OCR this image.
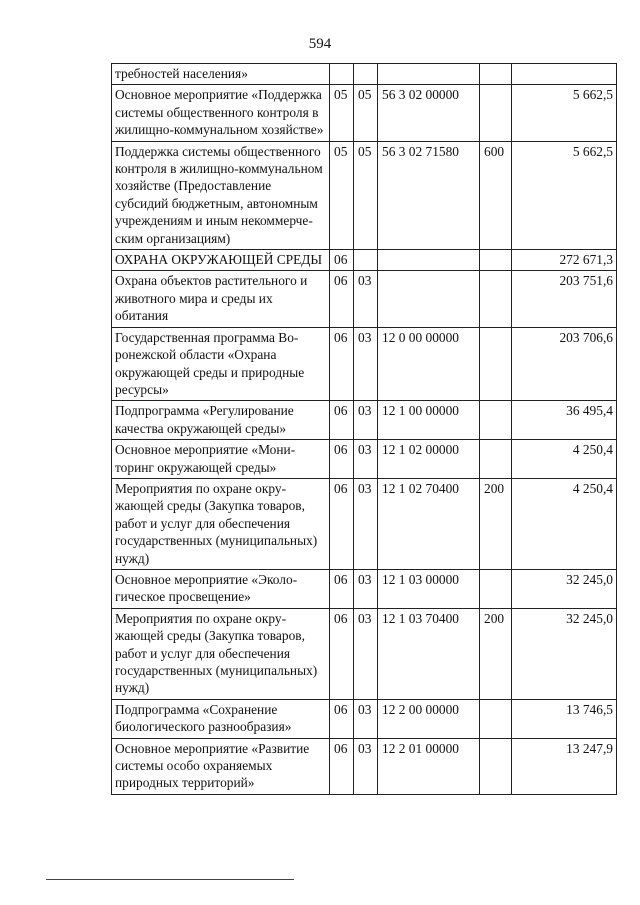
594
требностей населения»					
Основное мероприятие «Поддержка системы общественного контроля в жилищно-коммунальном хозяйстве»	05	05	56 3 02 00000		5 662,5
Поддержка системы общественного контроля в жилищно-коммунальном хозяйстве (Предоставление субсидий бюджетным, автономным учреждениям и иным некоммерческим организациям)	05	05	56 3 02 71580	600	5 662,5
ОХРАНА ОКРУЖАЮЩЕЙ СРЕДЫ	06				272 671,3
Охрана объектов растительного и животного мира и среды их обитания	06	03			203 751,6
Государственная программа Воронежской области «Охрана окружающей среды и природные ресурсы»	06	03	12 0 00 00000		203 706,6
Подпрограмма «Регулирование качества окружающей среды»	06	03	12 1 00 00000		36 495,4
Основное мероприятие «Мониторинг окружающей среды»	06	03	12 1 02 00000		4 250,4
Мероприятия по охране окружающей среды (Закупка товаров, работ и услуг для обеспечения государственных (муниципальных) нужд)	06	03	12 1 02 70400	200	4 250,4
Основное мероприятие «Экологическое просвещение»	06	03	12 1 03 00000		32 245,0
Мероприятия по охране окружающей среды (Закупка товаров, работ и услуг для обеспечения государственных (муниципальных) нужд)	06	03	12 1 03 70400	200	32 245,0
Подпрограмма «Сохранение биологического разнообразия»	06	03	12 2 00 00000		13 746,5
Основное мероприятие «Развитие системы особо охраняемых природных территорий»	06	03	12 2 01 00000		13 247,9
